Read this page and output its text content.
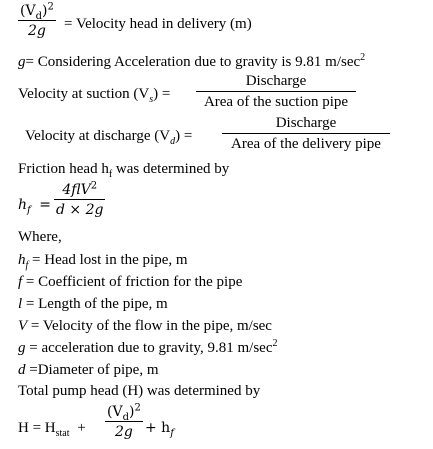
$\frac{(V_d)^2}{2g}$ = Velocity head in delivery (m)
g= Considering Acceleration due to gravity is 9.81 $m/\sec^2$
Velocity at suction $(V_s)$ =
Discharge
Area of the suction pipe
Velocity at discharge $(V_d)$ =
Discharge
Area of the delivery pipe
Friction head $h_f$ was determined by
$h_f$ =
4flV$^2$
d × 2g
Where,
$h_f$ = Head lost in the pipe, m
f = Coefficient of friction for the pipe
l = Length of the pipe, m
V = Velocity of the flow in the pipe, m/sec
g = acceleration due to gravity, 9.81 $m/\sec^2$
d =Diameter of pipe, m
Total pump head (H) was determined by
$H = H_{stat} + \frac{(V_d)^2}{2g} + h_f$
